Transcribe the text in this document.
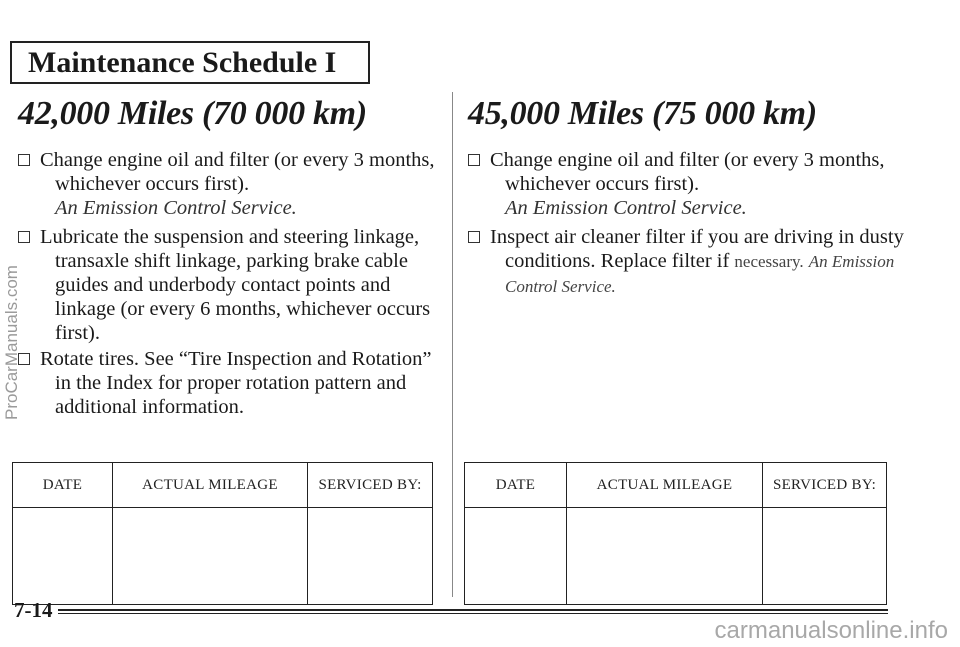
Maintenance Schedule I
42,000 Miles (70 000 km)
Change engine oil and filter (or every 3 months, whichever occurs first).
An Emission Control Service.
Lubricate the suspension and steering linkage, transaxle shift linkage, parking brake cable guides and underbody contact points and linkage (or every 6 months, whichever occurs first).
Rotate tires. See “Tire Inspection and Rotation” in the Index for proper rotation pattern and additional information.
45,000 Miles (75 000 km)
Change engine oil and filter (or every 3 months, whichever occurs first).
An Emission Control Service.
Inspect air cleaner filter if you are driving in dusty conditions. Replace filter if necessary. An Emission Control Service.
DATE	ACTUAL MILEAGE	SERVICED BY:
			DATE	ACTUAL MILEAGE	SERVICED BY:

7-14
ProCarManuals.com
carmanualsonline.info
